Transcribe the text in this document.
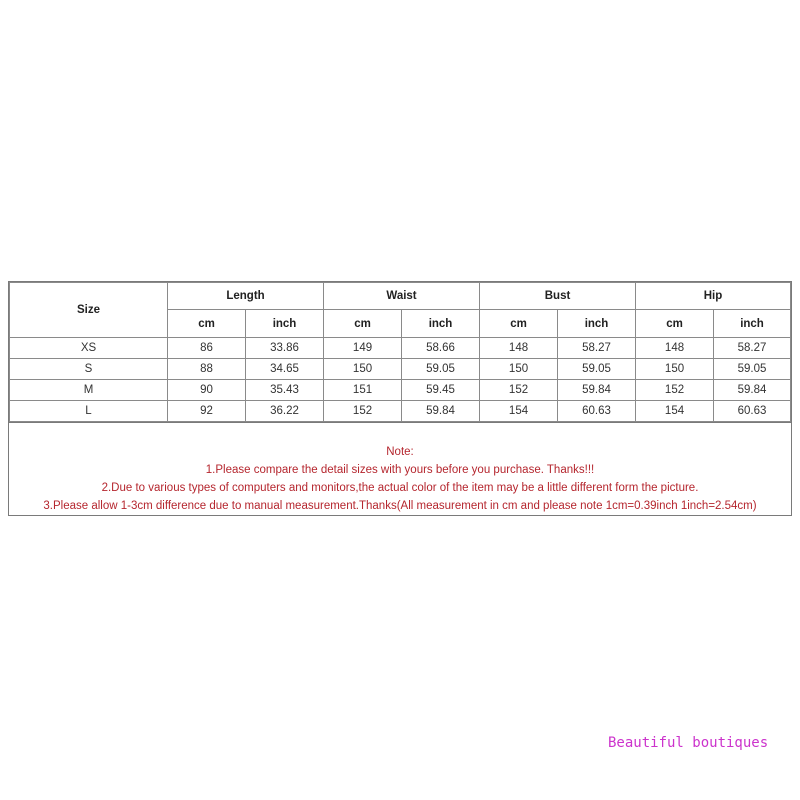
Size	Length		Waist		Bust		Hip	
	cm	inch	cm	inch	cm	inch	cm	inch
XS	86	33.86	149	58.66	148	58.27	148	58.27
S	88	34.65	150	59.05	150	59.05	150	59.05
M	90	35.43	151	59.45	152	59.84	152	59.84
L	92	36.22	152	59.84	154	60.63	154	60.63
Note:
1.Please compare the detail sizes with yours before you purchase. Thanks!!!
2.Due to various types of computers and monitors,the actual color of the item may be a little different form the picture.
3.Please allow 1-3cm difference due to manual measurement.Thanks(All measurement in cm and please note 1cm=0.39inch 1inch=2.54cm)
Beautiful boutiques
